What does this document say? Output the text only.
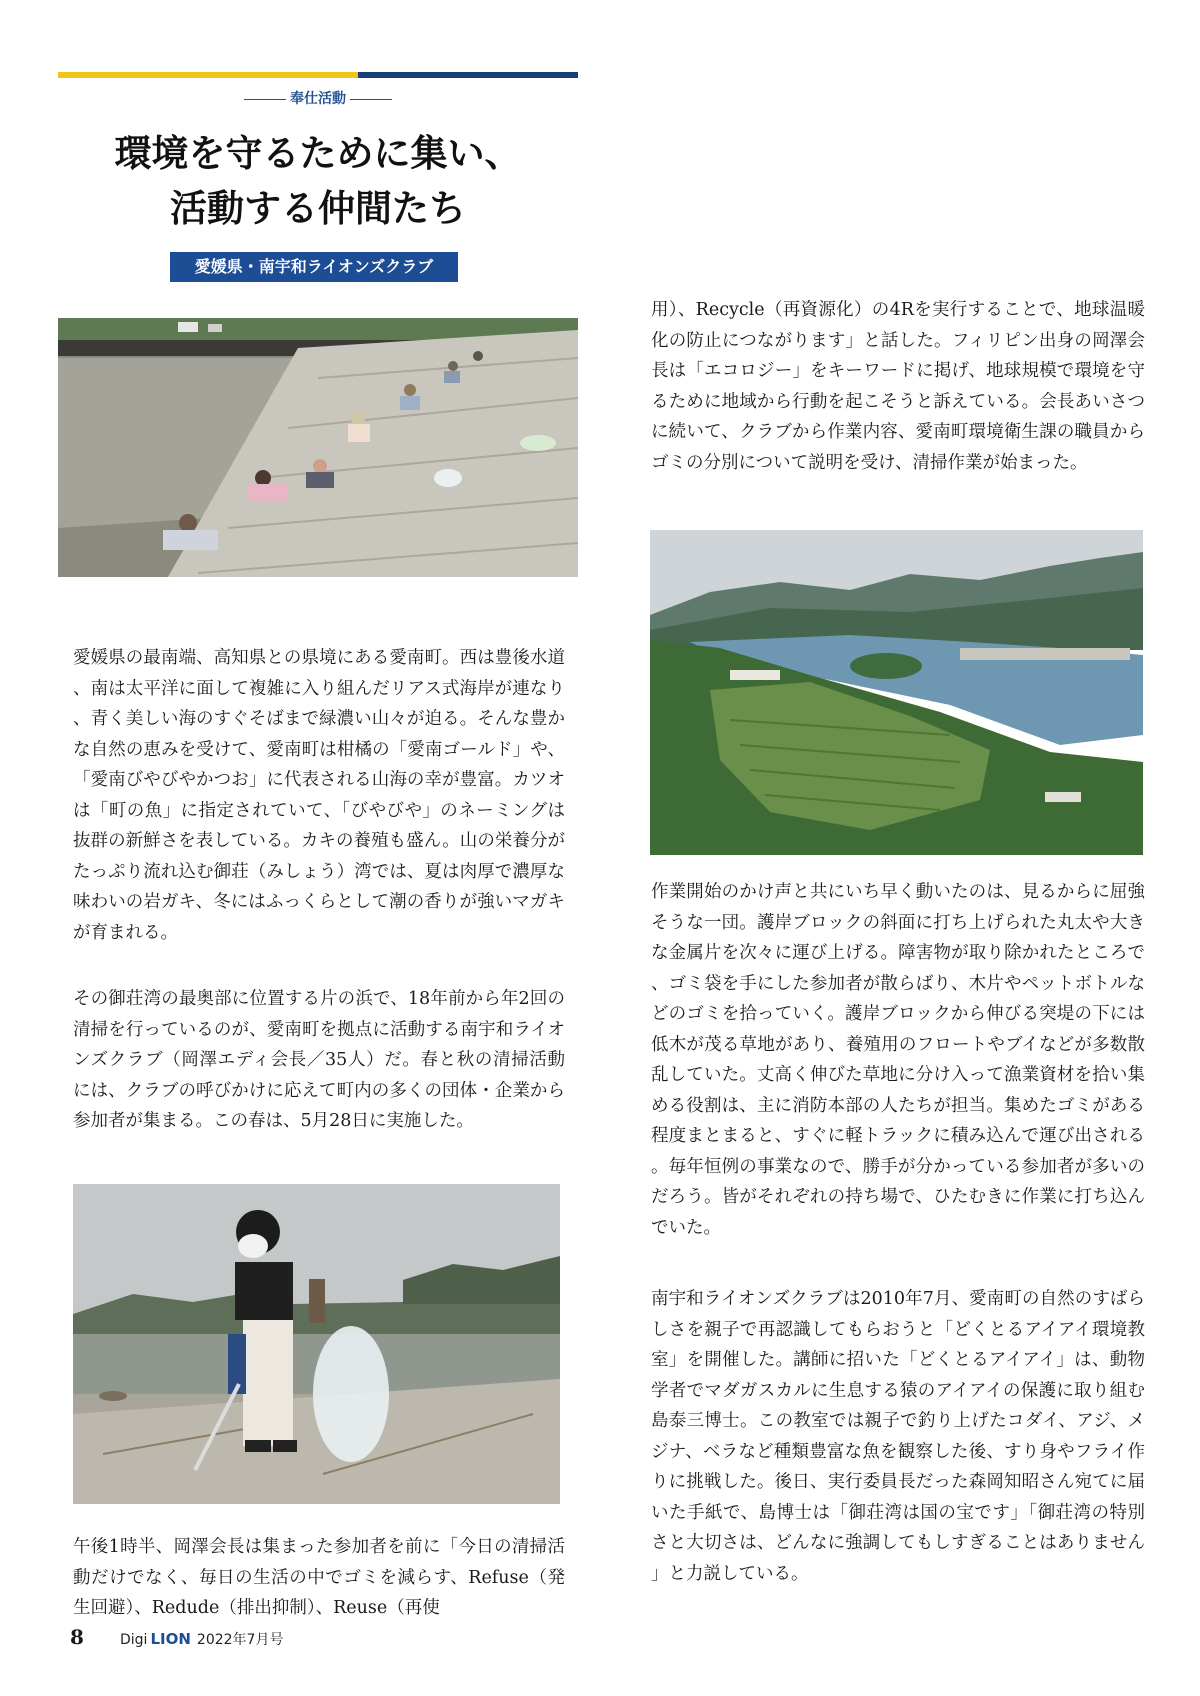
奉仕活動
環境を守るために集い、
活動する仲間たち
愛媛県・南宇和ライオンズクラブ

愛媛県の最南端、高知県との県境にある愛南町。西は豊後水道、南は太平洋に面して複雑に入り組んだリアス式海岸が連なり、青く美しい海のすぐそばまで緑濃い山々が迫る。そんな豊かな自然の恵みを受けて、愛南町は柑橘の「愛南ゴールド」や、「愛南びやびやかつお」に代表される山海の幸が豊富。カツオは「町の魚」に指定されていて、「びやびや」のネーミングは抜群の新鮮さを表している。カキの養殖も盛ん。山の栄養分がたっぷり流れ込む御荘（みしょう）湾では、夏は肉厚で濃厚な味わいの岩ガキ、冬にはふっくらとして潮の香りが強いマガキが育まれる。

その御荘湾の最奥部に位置する片の浜で、18年前から年2回の清掃を行っているのが、愛南町を拠点に活動する南宇和ライオンズクラブ（岡澤エディ会長／35人）だ。春と秋の清掃活動には、クラブの呼びかけに応えて町内の多くの団体・企業から参加者が集まる。この春は、5月28日に実施した。

午後1時半、岡澤会長は集まった参加者を前に「今日の清掃活動だけでなく、毎日の生活の中でゴミを減らす、Refuse（発生回避）、Redude（排出抑制）、Reuse（再使

用）、Recycle（再資源化）の4Rを実行することで、地球温暖化の防止につながります」と話した。フィリピン出身の岡澤会長は「エコロジー」をキーワードに掲げ、地球規模で環境を守るために地域から行動を起こそうと訴えている。会長あいさつに続いて、クラブから作業内容、愛南町環境衛生課の職員からゴミの分別について説明を受け、清掃作業が始まった。

作業開始のかけ声と共にいち早く動いたのは、見るからに屈強そうな一団。護岸ブロックの斜面に打ち上げられた丸太や大きな金属片を次々に運び上げる。障害物が取り除かれたところで、ゴミ袋を手にした参加者が散らばり、木片やペットボトルなどのゴミを拾っていく。護岸ブロックから伸びる突堤の下には低木が茂る草地があり、養殖用のフロートやブイなどが多数散乱していた。丈高く伸びた草地に分け入って漁業資材を拾い集める役割は、主に消防本部の人たちが担当。集めたゴミがある程度まとまると、すぐに軽トラックに積み込んで運び出される。毎年恒例の事業なので、勝手が分かっている参加者が多いのだろう。皆がそれぞれの持ち場で、ひたむきに作業に打ち込んでいた。

南宇和ライオンズクラブは2010年7月、愛南町の自然のすばらしさを親子で再認識してもらおうと「どくとるアイアイ環境教室」を開催した。講師に招いた「どくとるアイアイ」は、動物学者でマダガスカルに生息する猿のアイアイの保護に取り組む島泰三博士。この教室では親子で釣り上げたコダイ、アジ、メジナ、ベラなど種類豊富な魚を観察した後、すり身やフライ作りに挑戦した。後日、実行委員長だった森岡知昭さん宛てに届いた手紙で、島博士は「御荘湾は国の宝です」「御荘湾の特別さと大切さは、どんなに強調してもしすぎることはありません」と力説している。

8	Digi LION 2022年7月号
